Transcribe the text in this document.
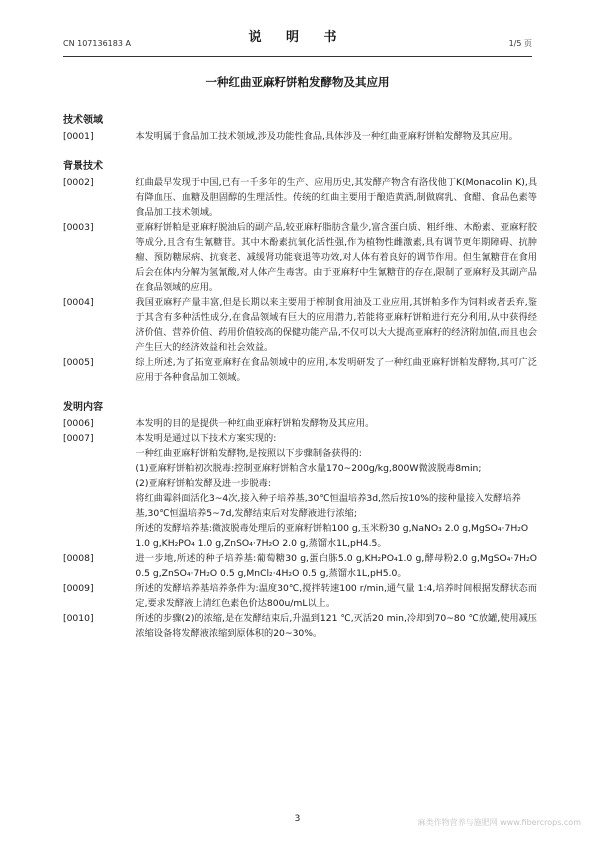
CN 107136183 A	说 明 书	1/5 页
一种红曲亚麻籽饼粕发酵物及其应用
技术领域
[0001]	本发明属于食品加工技术领域,涉及功能性食品,具体涉及一种红曲亚麻籽饼粕发酵物及其应用。
背景技术
[0002]	红曲最早发现于中国,已有一千多年的生产、应用历史,其发酵产物含有洛伐他丁K(Monacolin K),具有降血压、血糖及胆固醇的生理活性。传统的红曲主要用于酿造黄酒,制做腐乳、食醋、食品色素等食品加工技术领域。
[0003]	亚麻籽饼粕是亚麻籽脱油后的副产品,较亚麻籽脂肪含量少,富含蛋白质、粗纤维、木酚素、亚麻籽胶等成分,且含有生氰糖苷。其中木酚素抗氧化活性强,作为植物性雌激素,具有调节更年期障碍、抗肿瘤、预防糖尿病、抗衰老、减缓肾功能衰退等功效,对人体有着良好的调节作用。但生氰糖苷在食用后会在体内分解为氢氰酸,对人体产生毒害。由于亚麻籽中生氰糖苷的存在,限制了亚麻籽及其副产品在食品领域的应用。
[0004]	我国亚麻籽产量丰富,但是长期以来主要用于榨制食用油及工业应用,其饼粕多作为饲料或者丢弃,鉴于其含有多种活性成分,在食品领域有巨大的应用潜力,若能将亚麻籽饼粕进行充分利用,从中获得经济价值、营养价值、药用价值较高的保健功能产品,不仅可以大大提高亚麻籽的经济附加值,而且也会产生巨大的经济效益和社会效益。
[0005]	综上所述,为了拓宽亚麻籽在食品领域中的应用,本发明研发了一种红曲亚麻籽饼粕发酵物,其可广泛应用于各种食品加工领域。
发明内容
[0006]	本发明的目的是提供一种红曲亚麻籽饼粕发酵物及其应用。
[0007]	本发明是通过以下技术方案实现的:
一种红曲亚麻籽饼粕发酵物,是按照以下步骤制备获得的:
(1)亚麻籽饼粕初次脱毒:控制亚麻籽饼粕含水量170~200g/kg,800W微波脱毒8min;
(2)亚麻籽饼粕发酵及进一步脱毒:
将红曲霉斜面活化3~4次,接入种子培养基,30℃恒温培养3d,然后按10%的接种量接入发酵培养基,30℃恒温培养5~7d,发酵结束后对发酵液进行浓缩;
所述的发酵培养基:微波脱毒处理后的亚麻籽饼粕100 g,玉米粉30 g,NaNO₃ 2.0 g,MgSO₄·7H₂O 1.0 g,KH₂PO₄ 1.0 g,ZnSO₄·7H₂O 2.0 g,蒸馏水1L,pH4.5。
[0008]	进一步地,所述的种子培养基:葡萄糖30 g,蛋白胨5.0 g,KH₂PO₄1.0 g,酵母粉2.0 g,MgSO₄·7H₂O 0.5 g,ZnSO₄·7H₂O 0.5 g,MnCl₂·4H₂O 0.5 g,蒸馏水1L,pH5.0。
[0009]	所述的发酵培养基培养条件为:温度30℃,搅拌转速100 r/min,通气量 1:4,培养时间根据发酵状态而定,要求发酵液上清红色素色价达800u/mL以上。
[0010]	所述的步骤(2)的浓缩,是在发酵结束后,升温到121 ℃,灭活20 min,冷却到70~80 ℃放罐,使用减压浓缩设备将发酵液浓缩到原体积的20~30%。
3	麻类作物营养与施肥网 www.fibercrops.com
